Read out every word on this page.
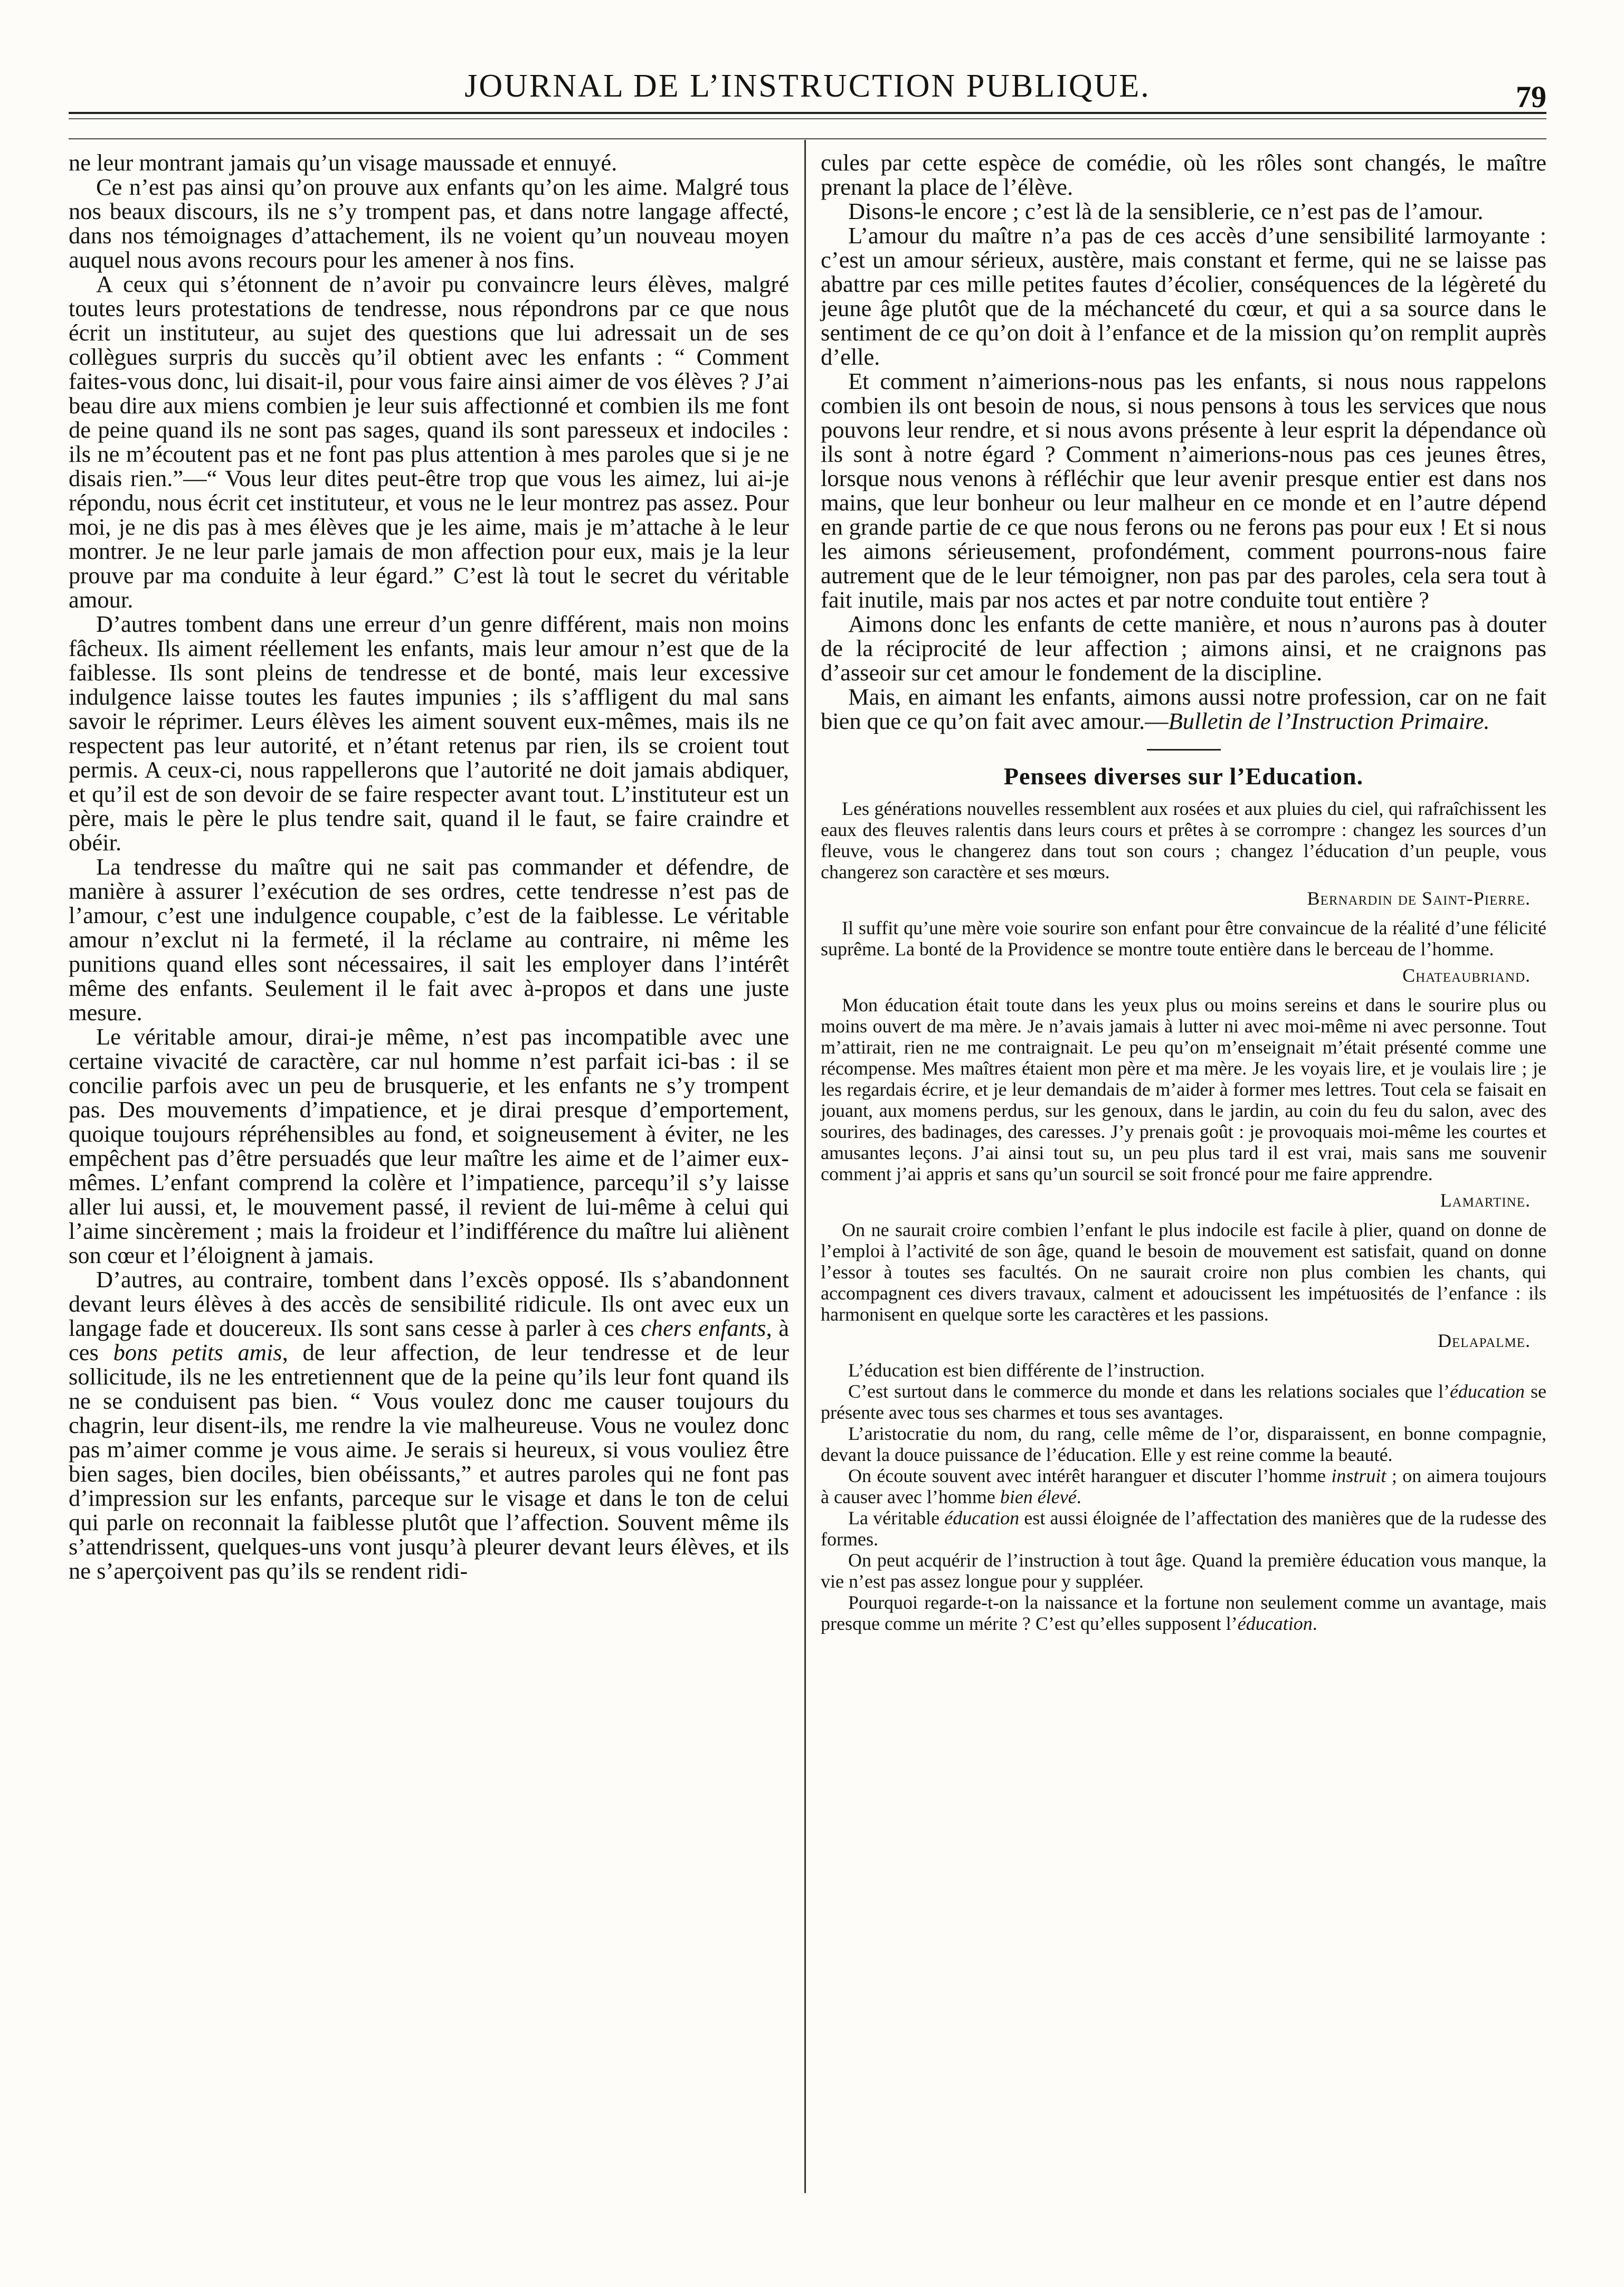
JOURNAL DE L’INSTRUCTION PUBLIQUE.	79

ne leur montrant jamais qu’un visage maussade et ennuyé.

Ce n’est pas ainsi qu’on prouve aux enfants qu’on les aime. Malgré tous nos beaux discours, ils ne s’y trompent pas, et dans notre langage affecté, dans nos témoignages d’attachement, ils ne voient qu’un nouveau moyen auquel nous avons recours pour les amener à nos fins.

A ceux qui s’étonnent de n’avoir pu convaincre leurs élèves, malgré toutes leurs protestations de tendresse, nous répondrons par ce que nous écrit un instituteur, au sujet des questions que lui adressait un de ses collègues surpris du succès qu’il obtient avec les enfants : “ Comment faites-vous donc, lui disait-il, pour vous faire ainsi aimer de vos élèves ? J’ai beau dire aux miens combien je leur suis affectionné et combien ils me font de peine quand ils ne sont pas sages, quand ils sont paresseux et indociles : ils ne m’écoutent pas et ne font pas plus attention à mes paroles que si je ne disais rien.”—“ Vous leur dites peut-être trop que vous les aimez, lui ai-je répondu, nous écrit cet instituteur, et vous ne le leur montrez pas assez. Pour moi, je ne dis pas à mes élèves que je les aime, mais je m’attache à le leur montrer. Je ne leur parle jamais de mon affection pour eux, mais je la leur prouve par ma conduite à leur égard.” C’est là tout le secret du véritable amour.

D’autres tombent dans une erreur d’un genre différent, mais non moins fâcheux. Ils aiment réellement les enfants, mais leur amour n’est que de la faiblesse. Ils sont pleins de tendresse et de bonté, mais leur excessive indulgence laisse toutes les fautes impunies ; ils s’affligent du mal sans savoir le réprimer. Leurs élèves les aiment souvent eux-mêmes, mais ils ne respectent pas leur autorité, et n’étant retenus par rien, ils se croient tout permis. A ceux-ci, nous rappellerons que l’autorité ne doit jamais abdiquer, et qu’il est de son devoir de se faire respecter avant tout. L’instituteur est un père, mais le père le plus tendre sait, quand il le faut, se faire craindre et obéir.

La tendresse du maître qui ne sait pas commander et défendre, de manière à assurer l’exécution de ses ordres, cette tendresse n’est pas de l’amour, c’est une indulgence coupable, c’est de la faiblesse. Le véritable amour n’exclut ni la fermeté, il la réclame au contraire, ni même les punitions quand elles sont nécessaires, il sait les employer dans l’intérêt même des enfants. Seulement il le fait avec à-propos et dans une juste mesure.

Le véritable amour, dirai-je même, n’est pas incompatible avec une certaine vivacité de caractère, car nul homme n’est parfait ici-bas : il se concilie parfois avec un peu de brusquerie, et les enfants ne s’y trompent pas. Des mouvements d’impatience, et je dirai presque d’emportement, quoique toujours répréhensibles au fond, et soigneusement à éviter, ne les empêchent pas d’être persuadés que leur maître les aime et de l’aimer eux-mêmes. L’enfant comprend la colère et l’impatience, parcequ’il s’y laisse aller lui aussi, et, le mouvement passé, il revient de lui-même à celui qui l’aime sincèrement ; mais la froideur et l’indifférence du maître lui aliènent son cœur et l’éloignent à jamais.

D’autres, au contraire, tombent dans l’excès opposé. Ils s’abandonnent devant leurs élèves à des accès de sensibilité ridicule. Ils ont avec eux un langage fade et doucereux. Ils sont sans cesse à parler à ces chers enfants, à ces bons petits amis, de leur affection, de leur tendresse et de leur sollicitude, ils ne les entretiennent que de la peine qu’ils leur font quand ils ne se conduisent pas bien. “ Vous voulez donc me causer toujours du chagrin, leur disent-ils, me rendre la vie malheureuse. Vous ne voulez donc pas m’aimer comme je vous aime. Je serais si heureux, si vous vouliez être bien sages, bien dociles, bien obéissants,” et autres paroles qui ne font pas d’impression sur les enfants, parceque sur le visage et dans le ton de celui qui parle on reconnait la faiblesse plutôt que l’affection. Souvent même ils s’attendrissent, quelques-uns vont jusqu’à pleurer devant leurs élèves, et ils ne s’aperçoivent pas qu’ils se rendent ridi-

cules par cette espèce de comédie, où les rôles sont changés, le maître prenant la place de l’élève.

Disons-le encore ; c’est là de la sensiblerie, ce n’est pas de l’amour.

L’amour du maître n’a pas de ces accès d’une sensibilité larmoyante : c’est un amour sérieux, austère, mais constant et ferme, qui ne se laisse pas abattre par ces mille petites fautes d’écolier, conséquences de la légèreté du jeune âge plutôt que de la méchanceté du cœur, et qui a sa source dans le sentiment de ce qu’on doit à l’enfance et de la mission qu’on remplit auprès d’elle.

Et comment n’aimerions-nous pas les enfants, si nous nous rappelons combien ils ont besoin de nous, si nous pensons à tous les services que nous pouvons leur rendre, et si nous avons présente à leur esprit la dépendance où ils sont à notre égard ? Comment n’aimerions-nous pas ces jeunes êtres, lorsque nous venons à réfléchir que leur avenir presque entier est dans nos mains, que leur bonheur ou leur malheur en ce monde et en l’autre dépend en grande partie de ce que nous ferons ou ne ferons pas pour eux ! Et si nous les aimons sérieusement, profondément, comment pourrons-nous faire autrement que de le leur témoigner, non pas par des paroles, cela sera tout à fait inutile, mais par nos actes et par notre conduite tout entière ?

Aimons donc les enfants de cette manière, et nous n’aurons pas à douter de la réciprocité de leur affection ; aimons ainsi, et ne craignons pas d’asseoir sur cet amour le fondement de la discipline.

Mais, en aimant les enfants, aimons aussi notre profession, car on ne fait bien que ce qu’on fait avec amour.—Bulletin de l’Instruction Primaire.

Pensees diverses sur l’Education.

Les générations nouvelles ressemblent aux rosées et aux pluies du ciel, qui rafraîchissent les eaux des fleuves ralentis dans leurs cours et prêtes à se corrompre : changez les sources d’un fleuve, vous le changerez dans tout son cours ; changez l’éducation d’un peuple, vous changerez son caractère et ses mœurs.

Bernardin de Saint-Pierre.

Il suffit qu’une mère voie sourire son enfant pour être convaincue de la réalité d’une félicité suprême. La bonté de la Providence se montre toute entière dans le berceau de l’homme.

Chateaubriand.

Mon éducation était toute dans les yeux plus ou moins sereins et dans le sourire plus ou moins ouvert de ma mère. Je n’avais jamais à lutter ni avec moi-même ni avec personne. Tout m’attirait, rien ne me contraignait. Le peu qu’on m’enseignait m’était présenté comme une récompense. Mes maîtres étaient mon père et ma mère. Je les voyais lire, et je voulais lire ; je les regardais écrire, et je leur demandais de m’aider à former mes lettres. Tout cela se faisait en jouant, aux momens perdus, sur les genoux, dans le jardin, au coin du feu du salon, avec des sourires, des badinages, des caresses. J’y prenais goût : je provoquais moi-même les courtes et amusantes leçons. J’ai ainsi tout su, un peu plus tard il est vrai, mais sans me souvenir comment j’ai appris et sans qu’un sourcil se soit froncé pour me faire apprendre.

Lamartine.

On ne saurait croire combien l’enfant le plus indocile est facile à plier, quand on donne de l’emploi à l’activité de son âge, quand le besoin de mouvement est satisfait, quand on donne l’essor à toutes ses facultés. On ne saurait croire non plus combien les chants, qui accompagnent ces divers travaux, calment et adoucissent les impétuosités de l’enfance : ils harmonisent en quelque sorte les caractères et les passions.

Delapalme.

L’éducation est bien différente de l’instruction.

C’est surtout dans le commerce du monde et dans les relations sociales que l’éducation se présente avec tous ses charmes et tous ses avantages.

L’aristocratie du nom, du rang, celle même de l’or, disparaissent, en bonne compagnie, devant la douce puissance de l’éducation. Elle y est reine comme la beauté.

On écoute souvent avec intérêt haranguer et discuter l’homme instruit ; on aimera toujours à causer avec l’homme bien élevé.

La véritable éducation est aussi éloignée de l’affectation des manières que de la rudesse des formes.

On peut acquérir de l’instruction à tout âge. Quand la première éducation vous manque, la vie n’est pas assez longue pour y suppléer.

Pourquoi regarde-t-on la naissance et la fortune non seulement comme un avantage, mais presque comme un mérite ? C’est qu’elles supposent l’éducation.
